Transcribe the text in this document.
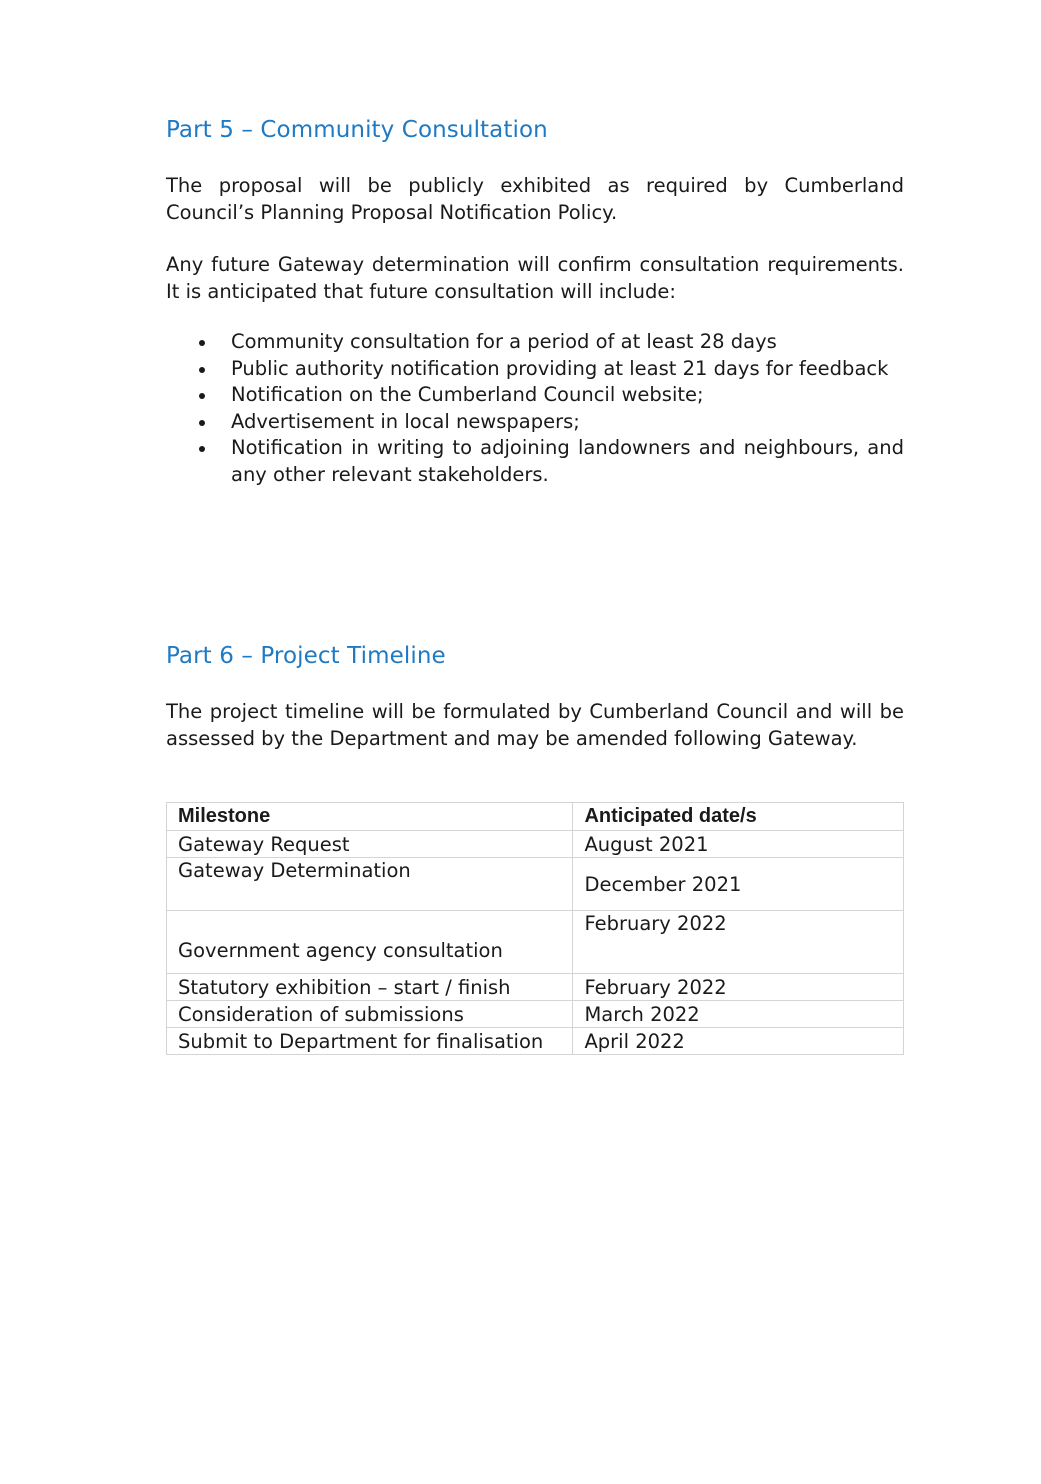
Part 5 – Community Consultation

The proposal will be publicly exhibited as required by Cumberland Council’s Planning Proposal Notification Policy.

Any future Gateway determination will confirm consultation requirements. It is anticipated that future consultation will include:

Community consultation for a period of at least 28 days
Public authority notification providing at least 21 days for feedback
Notification on the Cumberland Council website;
Advertisement in local newspapers;
Notification in writing to adjoining landowners and neighbours, and any other relevant stakeholders.
Part 6 – Project Timeline

The project timeline will be formulated by Cumberland Council and will be assessed by the Department and may be amended following Gateway.

Milestone	Anticipated date/s
Gateway Request	August 2021
Gateway Determination	December 2021
Government agency consultation	February 2022
Statutory exhibition – start / finish	February 2022
Consideration of submissions	March 2022
Submit to Department for finalisation	April 2022
